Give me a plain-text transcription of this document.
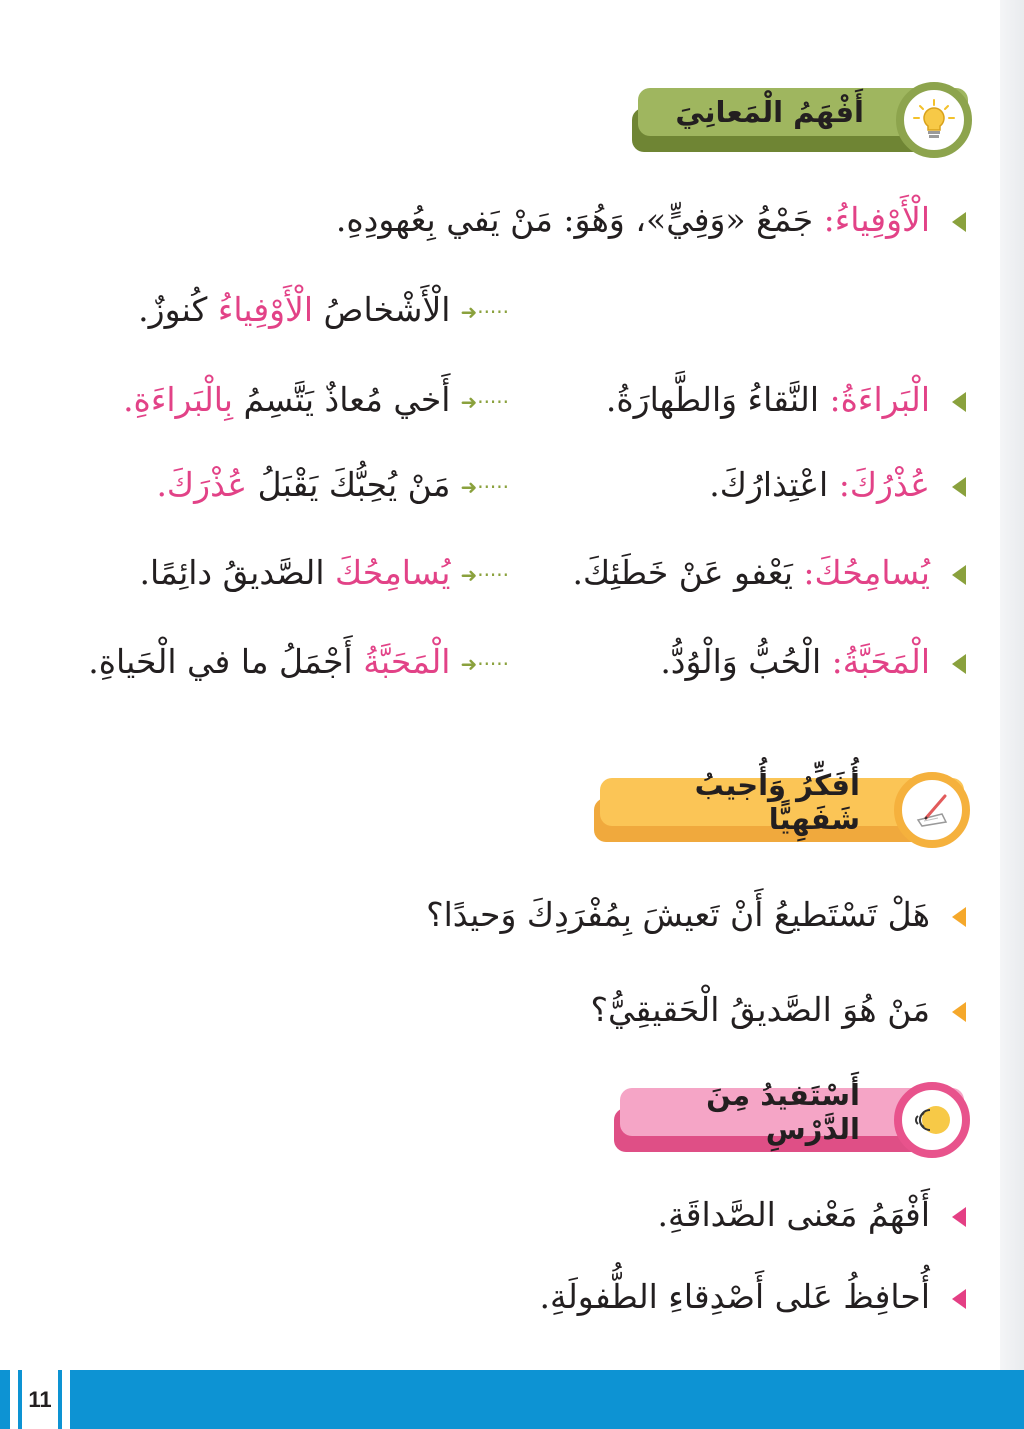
أَفْهَمُ الْمَعانِيَ
الْأَوْفِياءُ: جَمْعُ «وَفِيٍّ»، وَهُوَ: مَنْ يَفي بِعُهودِهِ.
·····➜الْأَشْخاصُ الْأَوْفِياءُ كُنوزٌ.
الْبَراءَةُ: النَّقاءُ وَالطَّهارَةُ.
·····➜أَخي مُعاذٌ يَتَّسِمُ بِالْبَراءَةِ.
عُذْرُكَ: اعْتِذارُكَ.
·····➜مَنْ يُحِبُّكَ يَقْبَلُ عُذْرَكَ.
يُسامِحُكَ: يَعْفو عَنْ خَطَئِكَ.
·····➜يُسامِحُكَ الصَّديقُ دائِمًا.
الْمَحَبَّةُ: الْحُبُّ وَالْوُدُّ.
·····➜الْمَحَبَّةُ أَجْمَلُ ما في الْحَياةِ.
أُفَكِّرُ وَأُجيبُ شَفَهِيًّا
هَلْ تَسْتَطيعُ أَنْ تَعيشَ بِمُفْرَدِكَ وَحيدًا؟
مَنْ هُوَ الصَّديقُ الْحَقيقِيُّ؟
أَسْتَفيدُ مِنَ الدَّرْسِ
أَفْهَمُ مَعْنى الصَّداقَةِ.
أُحافِظُ عَلى أَصْدِقاءِ الطُّفولَةِ.
11
